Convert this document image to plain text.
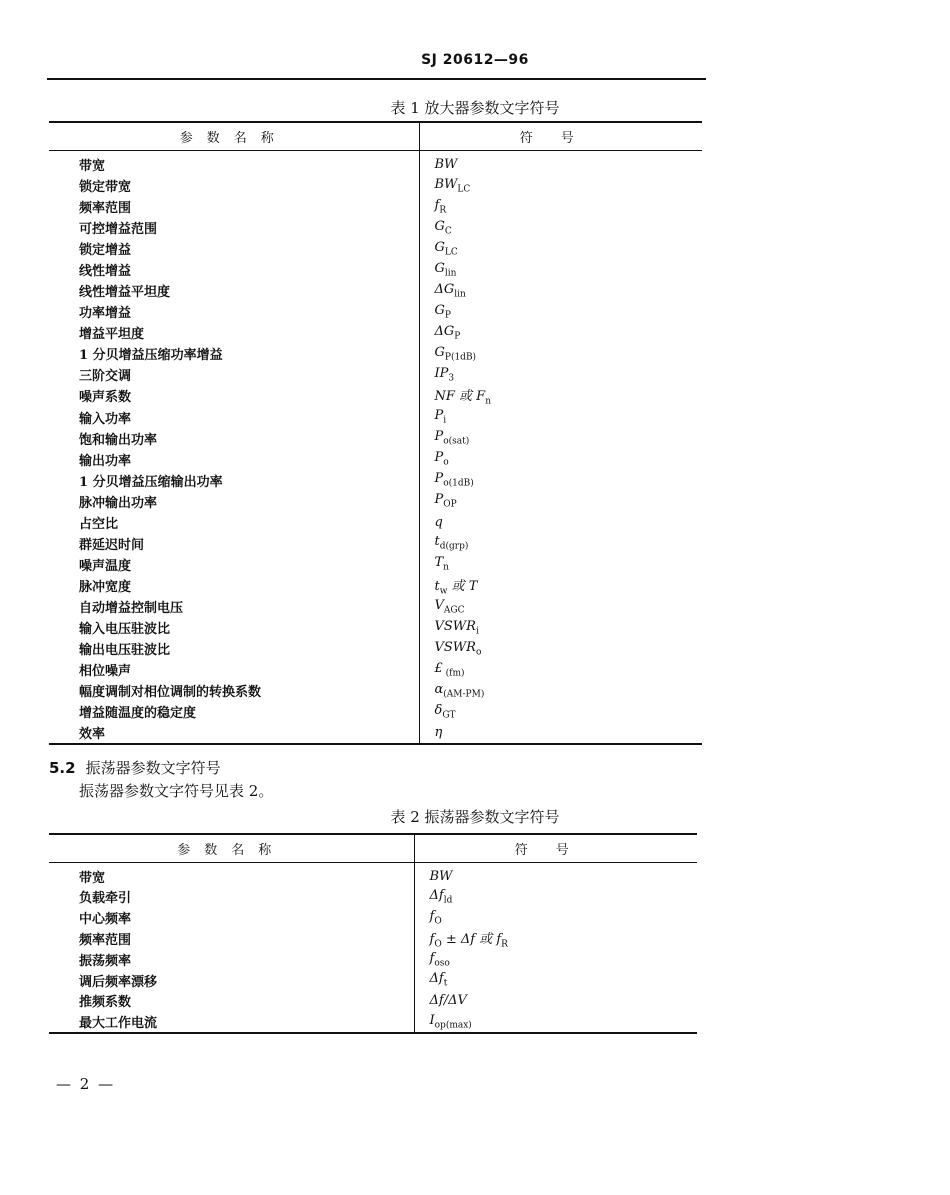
SJ 20612—96
表 1 放大器参数文字符号
参数名称	符号
带宽	BW
锁定带宽	$BW_{LC}$
频率范围	$f_R$
可控增益范围	$G_C$
锁定增益	$G_{LC}$
线性增益	$G_{lin}$
线性增益平坦度	$\Delta G_{lin}$
功率增益	$G_P$
增益平坦度	$\Delta G_P$
1 分贝增益压缩功率增益	$G_{P(1dB)}$
三阶交调	$IP_3$
噪声系数	NF 或 $F_n$
输入功率	$P_i$
饱和输出功率	$P_{o(sat)}$
输出功率	$P_o$
1 分贝增益压缩输出功率	$P_{o(1dB)}$
脉冲输出功率	$P_{OP}$
占空比	q
群延迟时间	$t_{d(grp)}$
噪声温度	$T_n$
脉冲宽度	$t_w$ 或 T
自动增益控制电压	$V_{AGC}$
输入电压驻波比	$VSWR_i$
输出电压驻波比	$VSWR_o$
相位噪声	£ $_{(fm)}$
幅度调制对相位调制的转换系数	$\alpha_{(AM-PM)}$
增益随温度的稳定度	$\delta_{GT}$
效率	η
5.2 振荡器参数文字符号
振荡器参数文字符号见表 2。
表 2 振荡器参数文字符号
参数名称	符号
带宽	BW
负载牵引	$\Delta f_{ld}$
中心频率	$f_O$
频率范围	$f_O \pm \Delta f$ 或 $f_R$
振荡频率	$f_{oso}$
调后频率漂移	$\Delta f_t$
推频系数	Δf/ΔV
最大工作电流	$I_{op(max)}$
— 2 —
